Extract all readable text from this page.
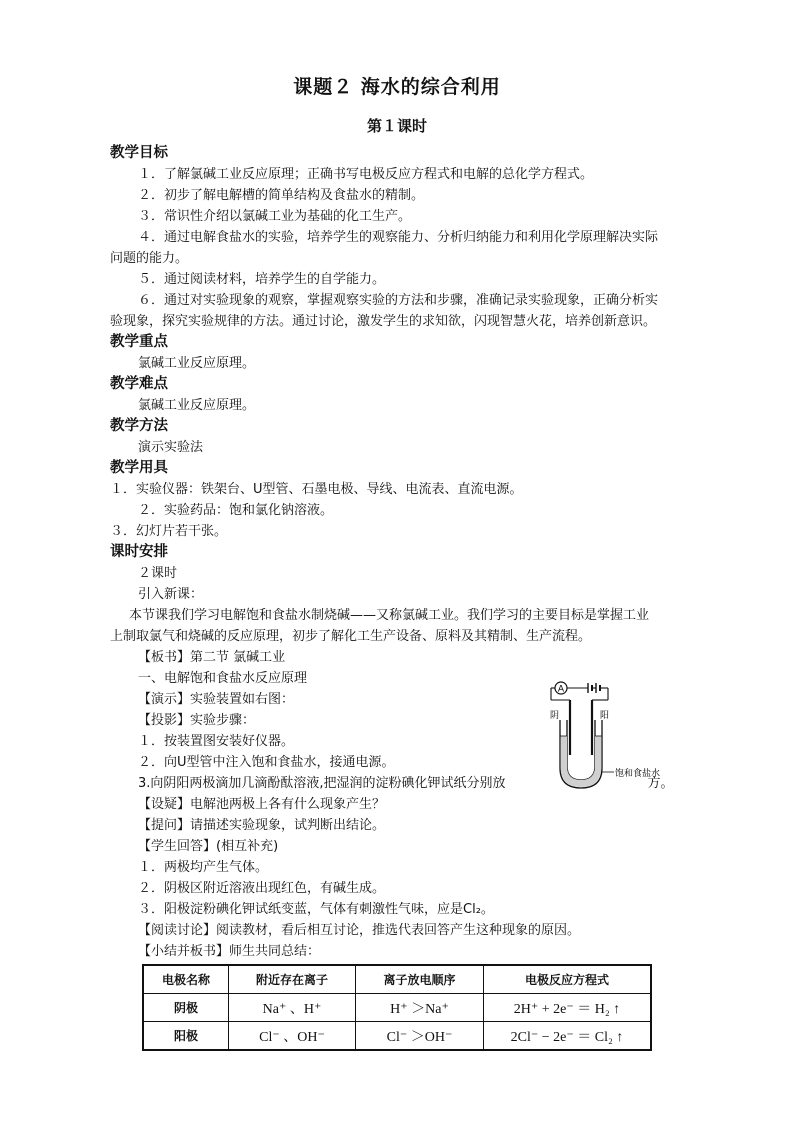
课题２ 海水的综合利用
第１课时
教学目标
１．了解氯碱工业反应原理；正确书写电极反应方程式和电解的总化学方程式。
２．初步了解电解槽的简单结构及食盐水的精制。
３．常识性介绍以氯碱工业为基础的化工生产。
４．通过电解食盐水的实验，培养学生的观察能力、分析归纳能力和利用化学原理解决实际
问题的能力。
５．通过阅读材料，培养学生的自学能力。
６．通过对实验现象的观察，掌握观察实验的方法和步骤，准确记录实验现象，正确分析实
验现象，探究实验规律的方法。通过讨论，激发学生的求知欲，闪现智慧火花，培养创新意识。
教学重点
氯碱工业反应原理。
教学难点
氯碱工业反应原理。
教学方法
演示实验法
教学用具
１．实验仪器：铁架台、U型管、石墨电极、导线、电流表、直流电源。
２．实验药品：饱和氯化钠溶液。
３．幻灯片若干张。
课时安排
２课时
引入新课：
本节课我们学习电解饱和食盐水制烧碱——又称氯碱工业。我们学习的主要目标是掌握工业
上制取氯气和烧碱的反应原理，初步了解化工生产设备、原料及其精制、生产流程。
【板书】第二节 氯碱工业
一、电解饱和食盐水反应原理
【演示】实验装置如右图：
【投影】实验步骤：
１．按装置图安装好仪器。
２．向U型管中注入饱和食盐水，接通电源。
3.向阴阳两极滴加几滴酚酞溶液,把湿润的淀粉碘化钾试纸分别放	方。
【设疑】电解池两极上各有什么现象产生？
【提问】请描述实验现象，试判断出结论。
【学生回答】(相互补充)
１．两极均产生气体。
２．阴极区附近溶液出现红色，有碱生成。
３．阳极淀粉碘化钾试纸变蓝，气体有刺激性气味，应是Cl₂。
【阅读讨论】阅读教材，看后相互讨论，推选代表回答产生这种现象的原因。
【小结并板书】师生共同总结：
A
阴	阳
饱和食盐水
电极名称	附近存在离子	离子放电顺序	电极反应方程式
阴极	Na⁺ 、H⁺	H⁺ ＞Na⁺	2H⁺ + 2e⁻ ＝ H₂ ↑
阳极	Cl⁻ 、OH⁻	Cl⁻ ＞OH⁻	2Cl⁻ − 2e⁻ ＝ Cl₂ ↑
